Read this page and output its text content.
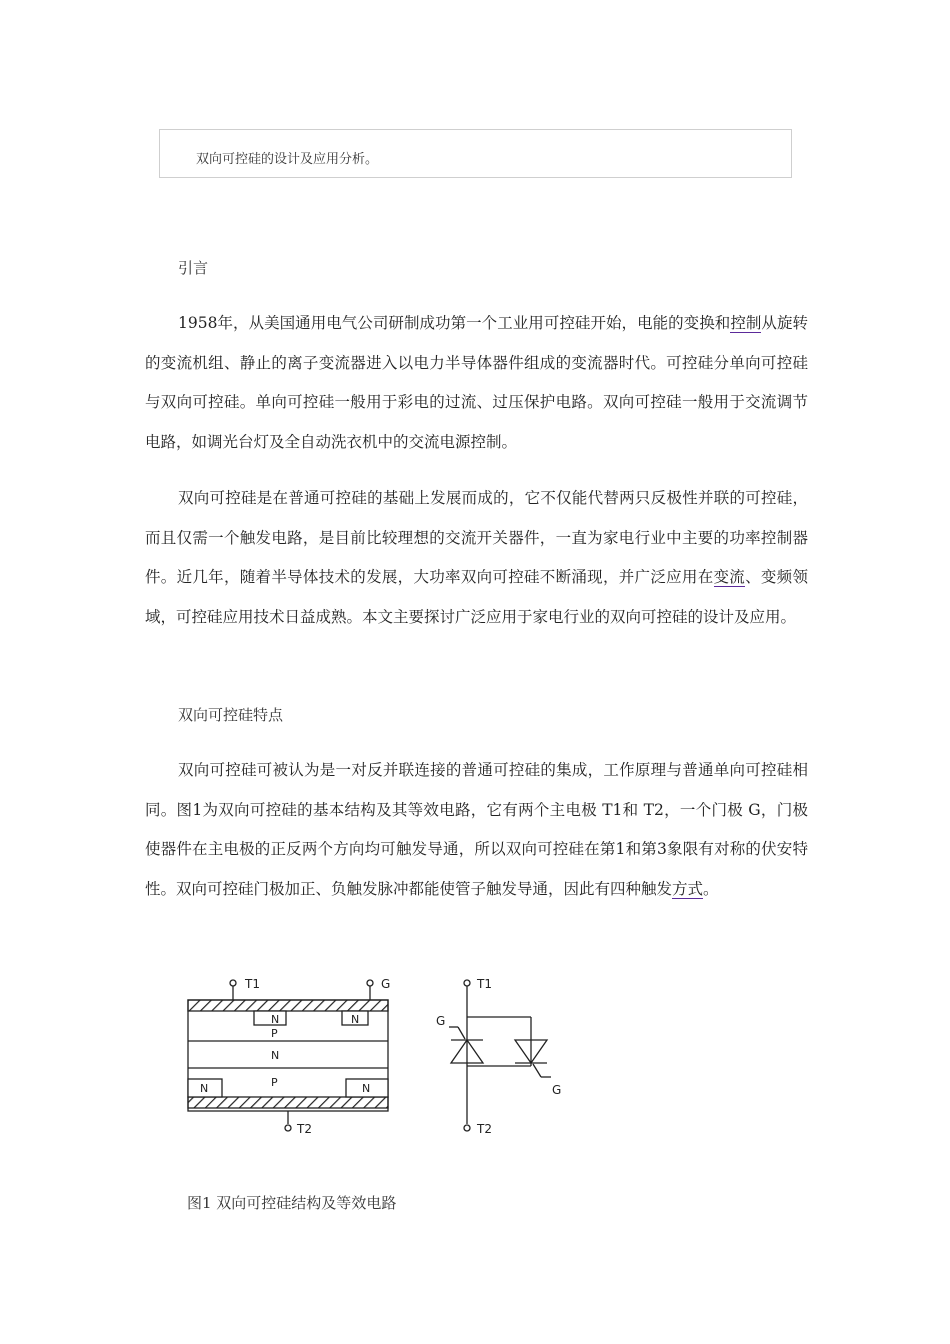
双向可控硅的设计及应用分析。
引言

1958年，从美国通用电气公司研制成功第一个工业用可控硅开始，电能的变换和控制从旋转的变流机组、静止的离子变流器进入以电力半导体器件组成的变流器时代。可控硅分单向可控硅与双向可控硅。单向可控硅一般用于彩电的过流、过压保护电路。双向可控硅一般用于交流调节电路，如调光台灯及全自动洗衣机中的交流电源控制。

双向可控硅是在普通可控硅的基础上发展而成的，它不仅能代替两只反极性并联的可控硅，而且仅需一个触发电路，是目前比较理想的交流开关器件，一直为家电行业中主要的功率控制器件。近几年，随着半导体技术的发展，大功率双向可控硅不断涌现，并广泛应用在变流、变频领域，可控硅应用技术日益成熟。本文主要探讨广泛应用于家电行业的双向可控硅的设计及应用。

双向可控硅特点

双向可控硅可被认为是一对反并联连接的普通可控硅的集成，工作原理与普通单向可控硅相同。图1为双向可控硅的基本结构及其等效电路，它有两个主电极 T1和 T2，一个门极 G，门极使器件在主电极的正反两个方向均可触发导通，所以双向可控硅在第1和第3象限有对称的伏安特性。双向可控硅门极加正、负触发脉冲都能使管子触发导通，因此有四种触发方式。

T1	G
T2
N
P
N
N
P
N	N
T1
G
G
T2
图1 双向可控硅结构及等效电路
